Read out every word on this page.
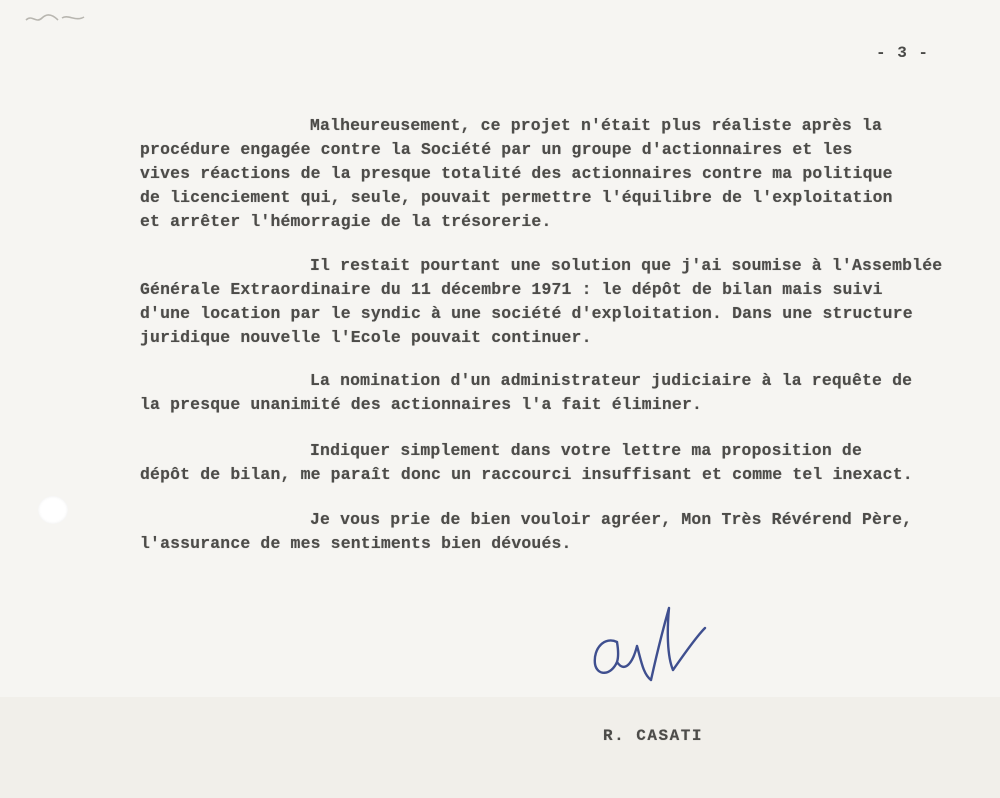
- 3 -
Malheureusement, ce projet n'était plus réaliste après la
procédure engagée contre la Société par un groupe d'actionnaires et les
vives réactions de la presque totalité des actionnaires contre ma politique
de licenciement qui, seule, pouvait permettre l'équilibre de l'exploitation
et arrêter l'hémorragie de la trésorerie.
Il restait pourtant une solution que j'ai soumise à l'Assemblée
Générale Extraordinaire du 11 décembre 1971 : le dépôt de bilan mais suivi
d'une location par le syndic à une société d'exploitation. Dans une structure
juridique nouvelle l'Ecole pouvait continuer.
La nomination d'un administrateur judiciaire à la requête de
la presque unanimité des actionnaires l'a fait éliminer.
Indiquer simplement dans votre lettre ma proposition de
dépôt de bilan, me paraît donc un raccourci insuffisant et comme tel inexact.
Je vous prie de bien vouloir agréer, Mon Très Révérend Père,
l'assurance de mes sentiments bien dévoués.
R. CASATI
